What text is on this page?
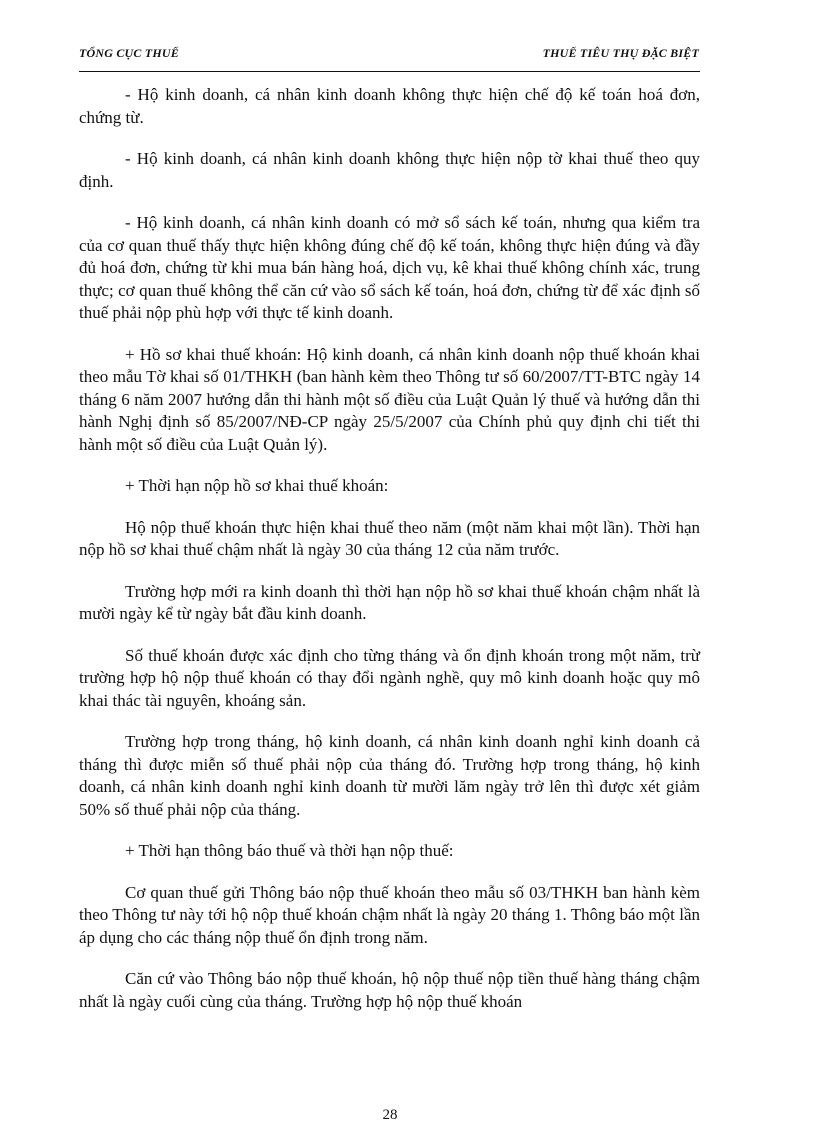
TỔNG CỤC THUẾ	THUẾ TIÊU THỤ ĐẶC BIỆT

- Hộ kinh doanh, cá nhân kinh doanh không thực hiện chế độ kế toán hoá đơn, chứng từ.

- Hộ kinh doanh, cá nhân kinh doanh không thực hiện nộp tờ khai thuế theo quy định.

- Hộ kinh doanh, cá nhân kinh doanh có mở sổ sách kế toán, nhưng qua kiểm tra của cơ quan thuế thấy thực hiện không đúng chế độ kế toán, không thực hiện đúng và đầy đủ hoá đơn, chứng từ khi mua bán hàng hoá, dịch vụ, kê khai thuế không chính xác, trung thực; cơ quan thuế không thể căn cứ vào sổ sách kế toán, hoá đơn, chứng từ để xác định số thuế phải nộp phù hợp với thực tế kinh doanh.

+ Hồ sơ khai thuế khoán: Hộ kinh doanh, cá nhân kinh doanh nộp thuế khoán khai theo mẫu Tờ khai số 01/THKH (ban hành kèm theo Thông tư số 60/2007/TT-BTC ngày 14 tháng 6 năm 2007 hướng dẫn thi hành một số điều của Luật Quản lý thuế và hướng dẫn thi hành Nghị định số 85/2007/NĐ-CP ngày 25/5/2007 của Chính phủ quy định chi tiết thi hành một số điều của Luật Quản lý).

+ Thời hạn nộp hồ sơ khai thuế khoán:

Hộ nộp thuế khoán thực hiện khai thuế theo năm (một năm khai một lần). Thời hạn nộp hồ sơ khai thuế chậm nhất là ngày 30 của tháng 12 của năm trước.

Trường hợp mới ra kinh doanh thì thời hạn nộp hồ sơ khai thuế khoán chậm nhất là mười ngày kể từ ngày bắt đầu kinh doanh.

Số thuế khoán được xác định cho từng tháng và ổn định khoán trong một năm, trừ trường hợp hộ nộp thuế khoán có thay đổi ngành nghề, quy mô kinh doanh hoặc quy mô khai thác tài nguyên, khoáng sản.

Trường hợp trong tháng, hộ kinh doanh, cá nhân kinh doanh nghỉ kinh doanh cả tháng thì được miễn số thuế phải nộp của tháng đó. Trường hợp trong tháng, hộ kinh doanh, cá nhân kinh doanh nghỉ kinh doanh từ mười lăm ngày trở lên thì được xét giảm 50% số thuế phải nộp của tháng.

+ Thời hạn thông báo thuế và thời hạn nộp thuế:

Cơ quan thuế gửi Thông báo nộp thuế khoán theo mẫu số 03/THKH ban hành kèm theo Thông tư này tới hộ nộp thuế khoán chậm nhất là ngày 20 tháng 1. Thông báo một lần áp dụng cho các tháng nộp thuế ổn định trong năm.

Căn cứ vào Thông báo nộp thuế khoán, hộ nộp thuế nộp tiền thuế hàng tháng chậm nhất là ngày cuối cùng của tháng. Trường hợp hộ nộp thuế khoán

28
